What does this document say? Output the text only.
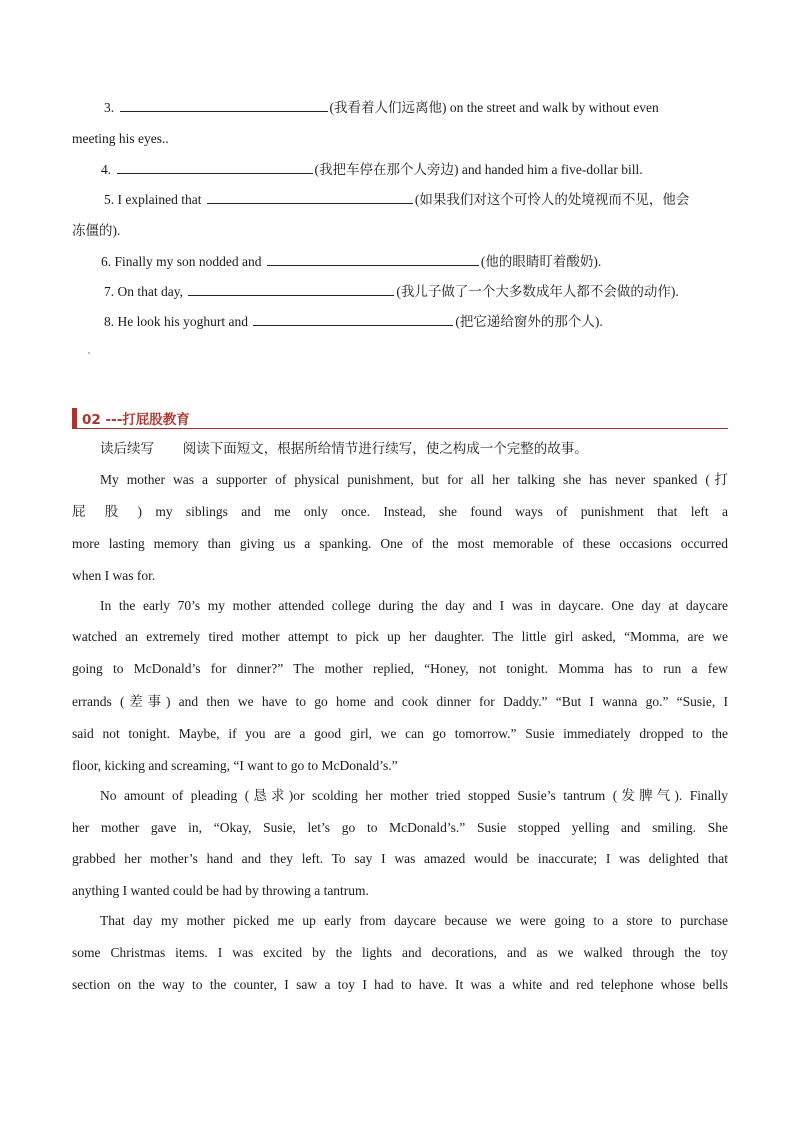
3.	(我看着人们远离他) on the street and walk by without even
meeting his eyes..
4.	(我把车停在那个人旁边) and handed him a five-dollar bill.
5. I explained that	(如果我们对这个可怜人的处境视而不见，他会
冻僵的).
6. Finally my son nodded and	(他的眼睛盯着酸奶).
7. On that day,	(我儿子做了一个大多数成年人都不会做的动作).
8. He look his yoghurt and	(把它递给窗外的那个人).
02 ---打屁股教育
读后续写 阅读下面短文，根据所给情节进行续写，使之构成一个完整的故事。
My mother was a supporter of physical punishment, but for all her talking she has never spanked (打
屁 股 ) my siblings and me only once. Instead, she found ways of punishment that left a
more lasting memory than giving us a spanking. One of the most memorable of these occasions occurred
when I was for.
In the early 70’s my mother attended college during the day and I was in daycare. One day at daycare
watched an extremely tired mother attempt to pick up her daughter. The little girl asked, “Momma, are we
going to McDonald’s for dinner?” The mother replied, “Honey, not tonight. Momma has to run a few
errands (差事) and then we have to go home and cook dinner for Daddy.” “But I wanna go.” “Susie, I
said not tonight. Maybe, if you are a good girl, we can go tomorrow.” Susie immediately dropped to the
floor, kicking and screaming, “I want to go to McDonald’s.”
No amount of pleading (恳求)or scolding her mother tried stopped Susie’s tantrum (发脾气). Finally
her mother gave in, “Okay, Susie, let’s go to McDonald’s.” Susie stopped yelling and smiling. She
grabbed her mother’s hand and they left. To say I was amazed would be inaccurate; I was delighted that
anything I wanted could be had by throwing a tantrum.
That day my mother picked me up early from daycare because we were going to a store to purchase
some Christmas items. I was excited by the lights and decorations, and as we walked through the toy
section on the way to the counter, I saw a toy I had to have. It was a white and red telephone whose bells
